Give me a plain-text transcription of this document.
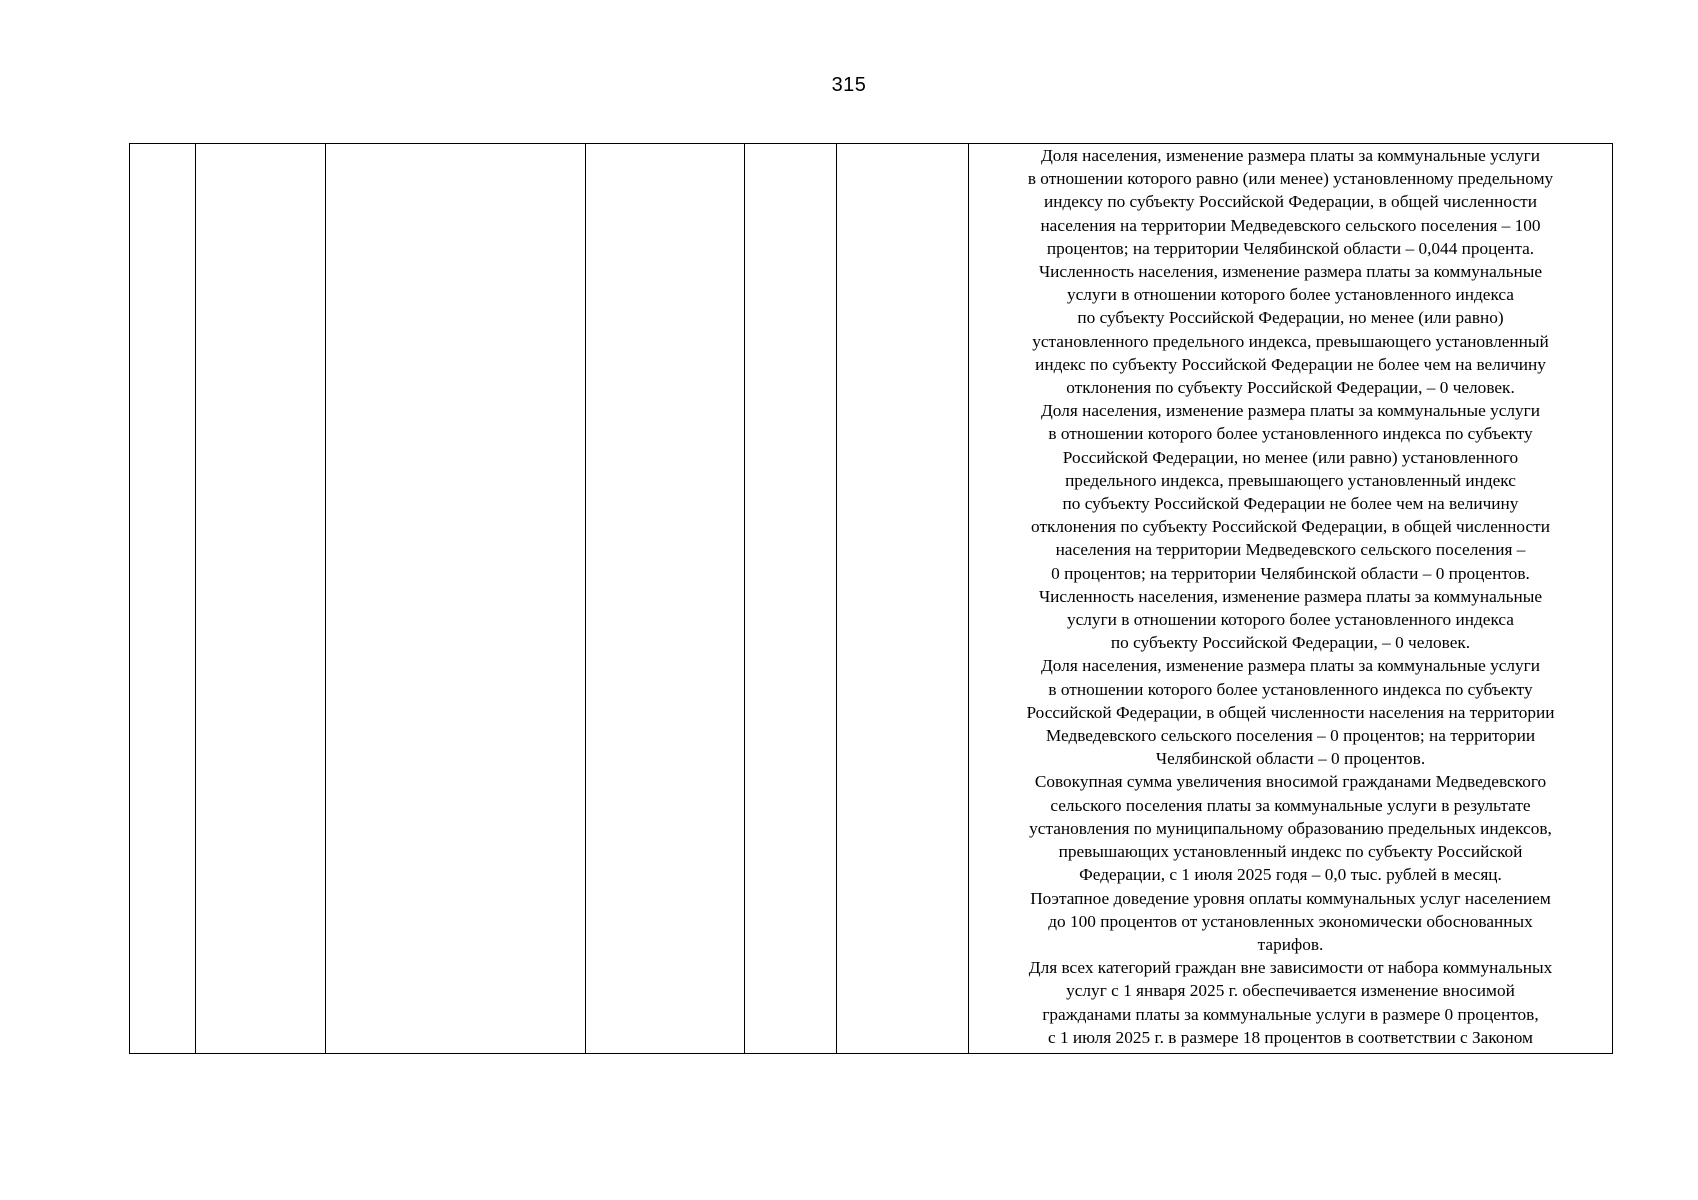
315

Доля населения, изменение размера платы за коммунальные услуги
в отношении которого равно (или менее) установленному предельному
индексу по субъекту Российской Федерации, в общей численности
населения на территории Медведевского сельского поселения – 100
процентов; на территории Челябинской области – 0,044 процента.
Численность населения, изменение размера платы за коммунальные
услуги в отношении которого более установленного индекса
по субъекту Российской Федерации, но менее (или равно)
установленного предельного индекса, превышающего установленный
индекс по субъекту Российской Федерации не более чем на величину
отклонения по субъекту Российской Федерации, – 0 человек.
Доля населения, изменение размера платы за коммунальные услуги
в отношении которого более установленного индекса по субъекту
Российской Федерации, но менее (или равно) установленного
предельного индекса, превышающего установленный индекс
по субъекту Российской Федерации не более чем на величину
отклонения по субъекту Российской Федерации, в общей численности
населения на территории Медведевского сельского поселения –
0 процентов; на территории Челябинской области – 0 процентов.
Численность населения, изменение размера платы за коммунальные
услуги в отношении которого более установленного индекса
по субъекту Российской Федерации, – 0 человек.
Доля населения, изменение размера платы за коммунальные услуги
в отношении которого более установленного индекса по субъекту
Российской Федерации, в общей численности населения на территории
Медведевского сельского поселения – 0 процентов; на территории
Челябинской области – 0 процентов.
Совокупная сумма увеличения вносимой гражданами Медведевского
сельского поселения платы за коммунальные услуги в результате
установления по муниципальному образованию предельных индексов,
превышающих установленный индекс по субъекту Российской
Федерации, с 1 июля 2025 годя – 0,0 тыс. рублей в месяц.
Поэтапное доведение уровня оплаты коммунальных услуг населением
до 100 процентов от установленных экономически обоснованных
тарифов.
Для всех категорий граждан вне зависимости от набора коммунальных
услуг с 1 января 2025 г. обеспечивается изменение вносимой
гражданами платы за коммунальные услуги в размере 0 процентов,
с 1 июля 2025 г. в размере 18 процентов в соответствии с Законом
